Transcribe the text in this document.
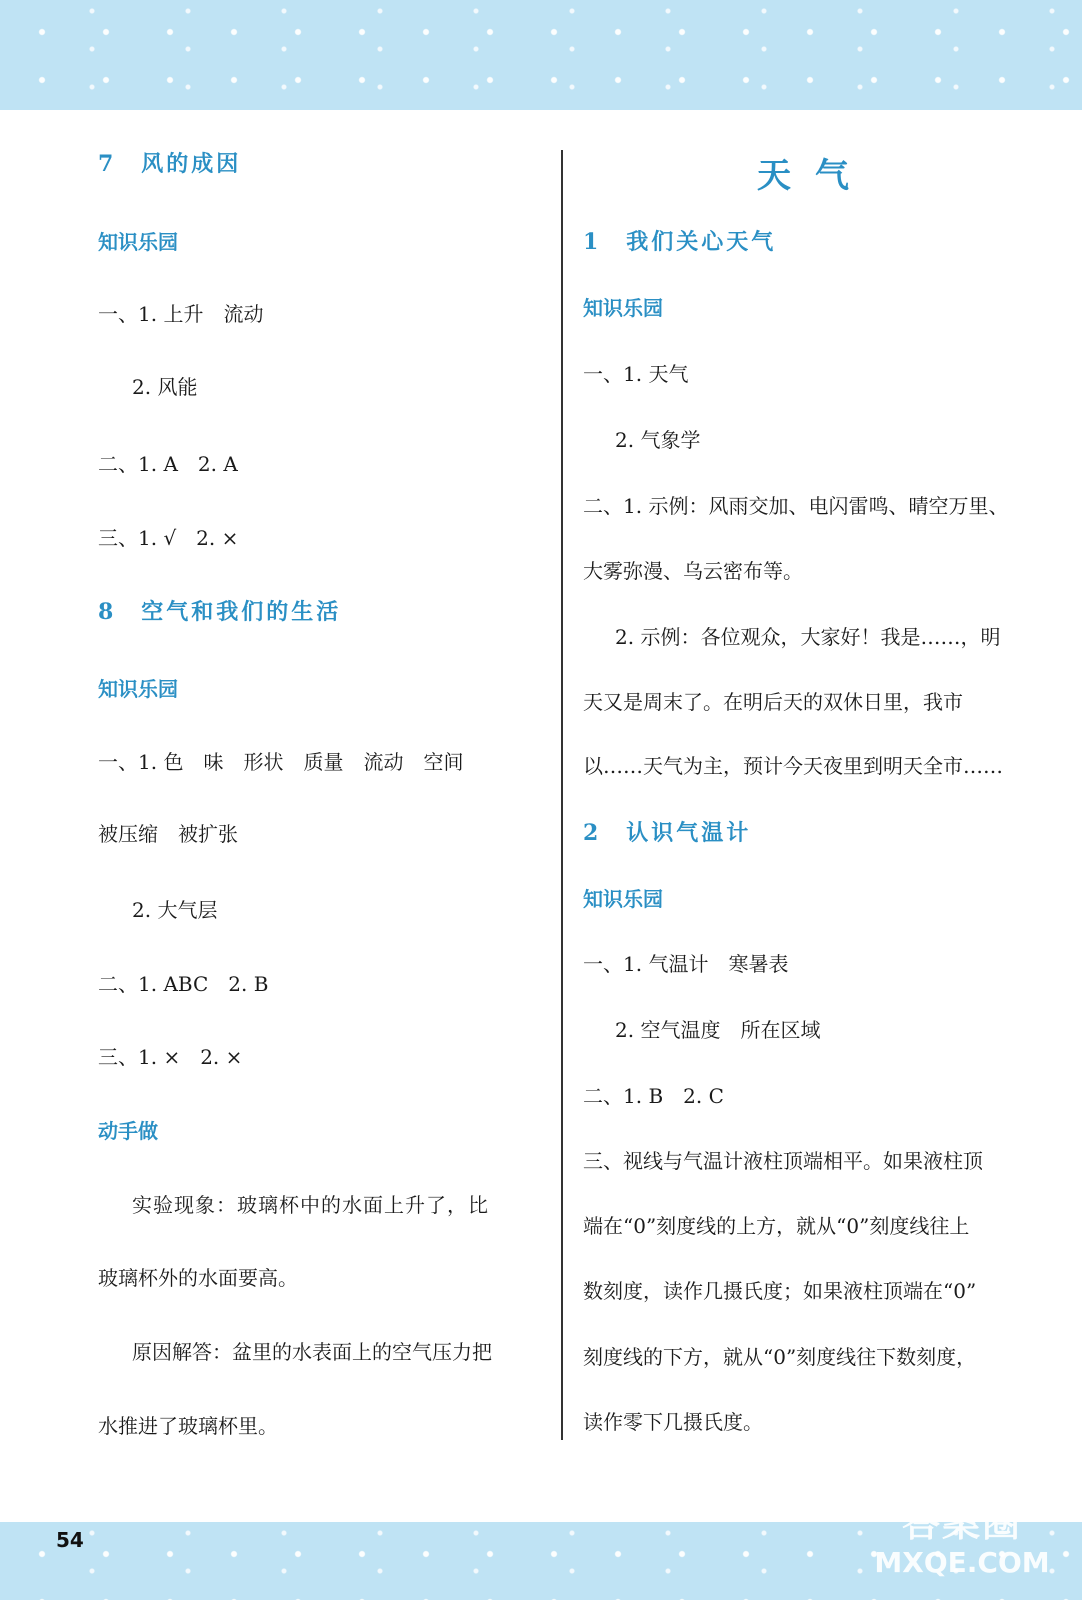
7　风的成因
知识乐园
一、1. 上升　流动
2. 风能
二、1. A　2. A
三、1. √　2. ×
8　空气和我们的生活
知识乐园
一、1. 色　味　形状　质量　流动　空间
被压缩　被扩张
2. 大气层
二、1. ABC　2. B
三、1. ×　2. ×
动手做
实验现象：玻璃杯中的水面上升了，比
玻璃杯外的水面要高。
原因解答：盆里的水表面上的空气压力把
水推进了玻璃杯里。
天气
1　我们关心天气
知识乐园
一、1. 天气
2. 气象学
二、1. 示例：风雨交加、电闪雷鸣、晴空万里、
大雾弥漫、乌云密布等。
2. 示例：各位观众，大家好！我是……，明
天又是周末了。在明后天的双休日里，我市
以……天气为主，预计今天夜里到明天全市……
2　认识气温计
知识乐园
一、1. 气温计　寒暑表
2. 空气温度　所在区域
二、1. B　2. C
三、视线与气温计液柱顶端相平。如果液柱顶
端在“0”刻度线的上方，就从“0”刻度线往上
数刻度，读作几摄氏度；如果液柱顶端在“0”
刻度线的下方，就从“0”刻度线往下数刻度，
读作零下几摄氏度。
54	答案圈
MXQE.COM
